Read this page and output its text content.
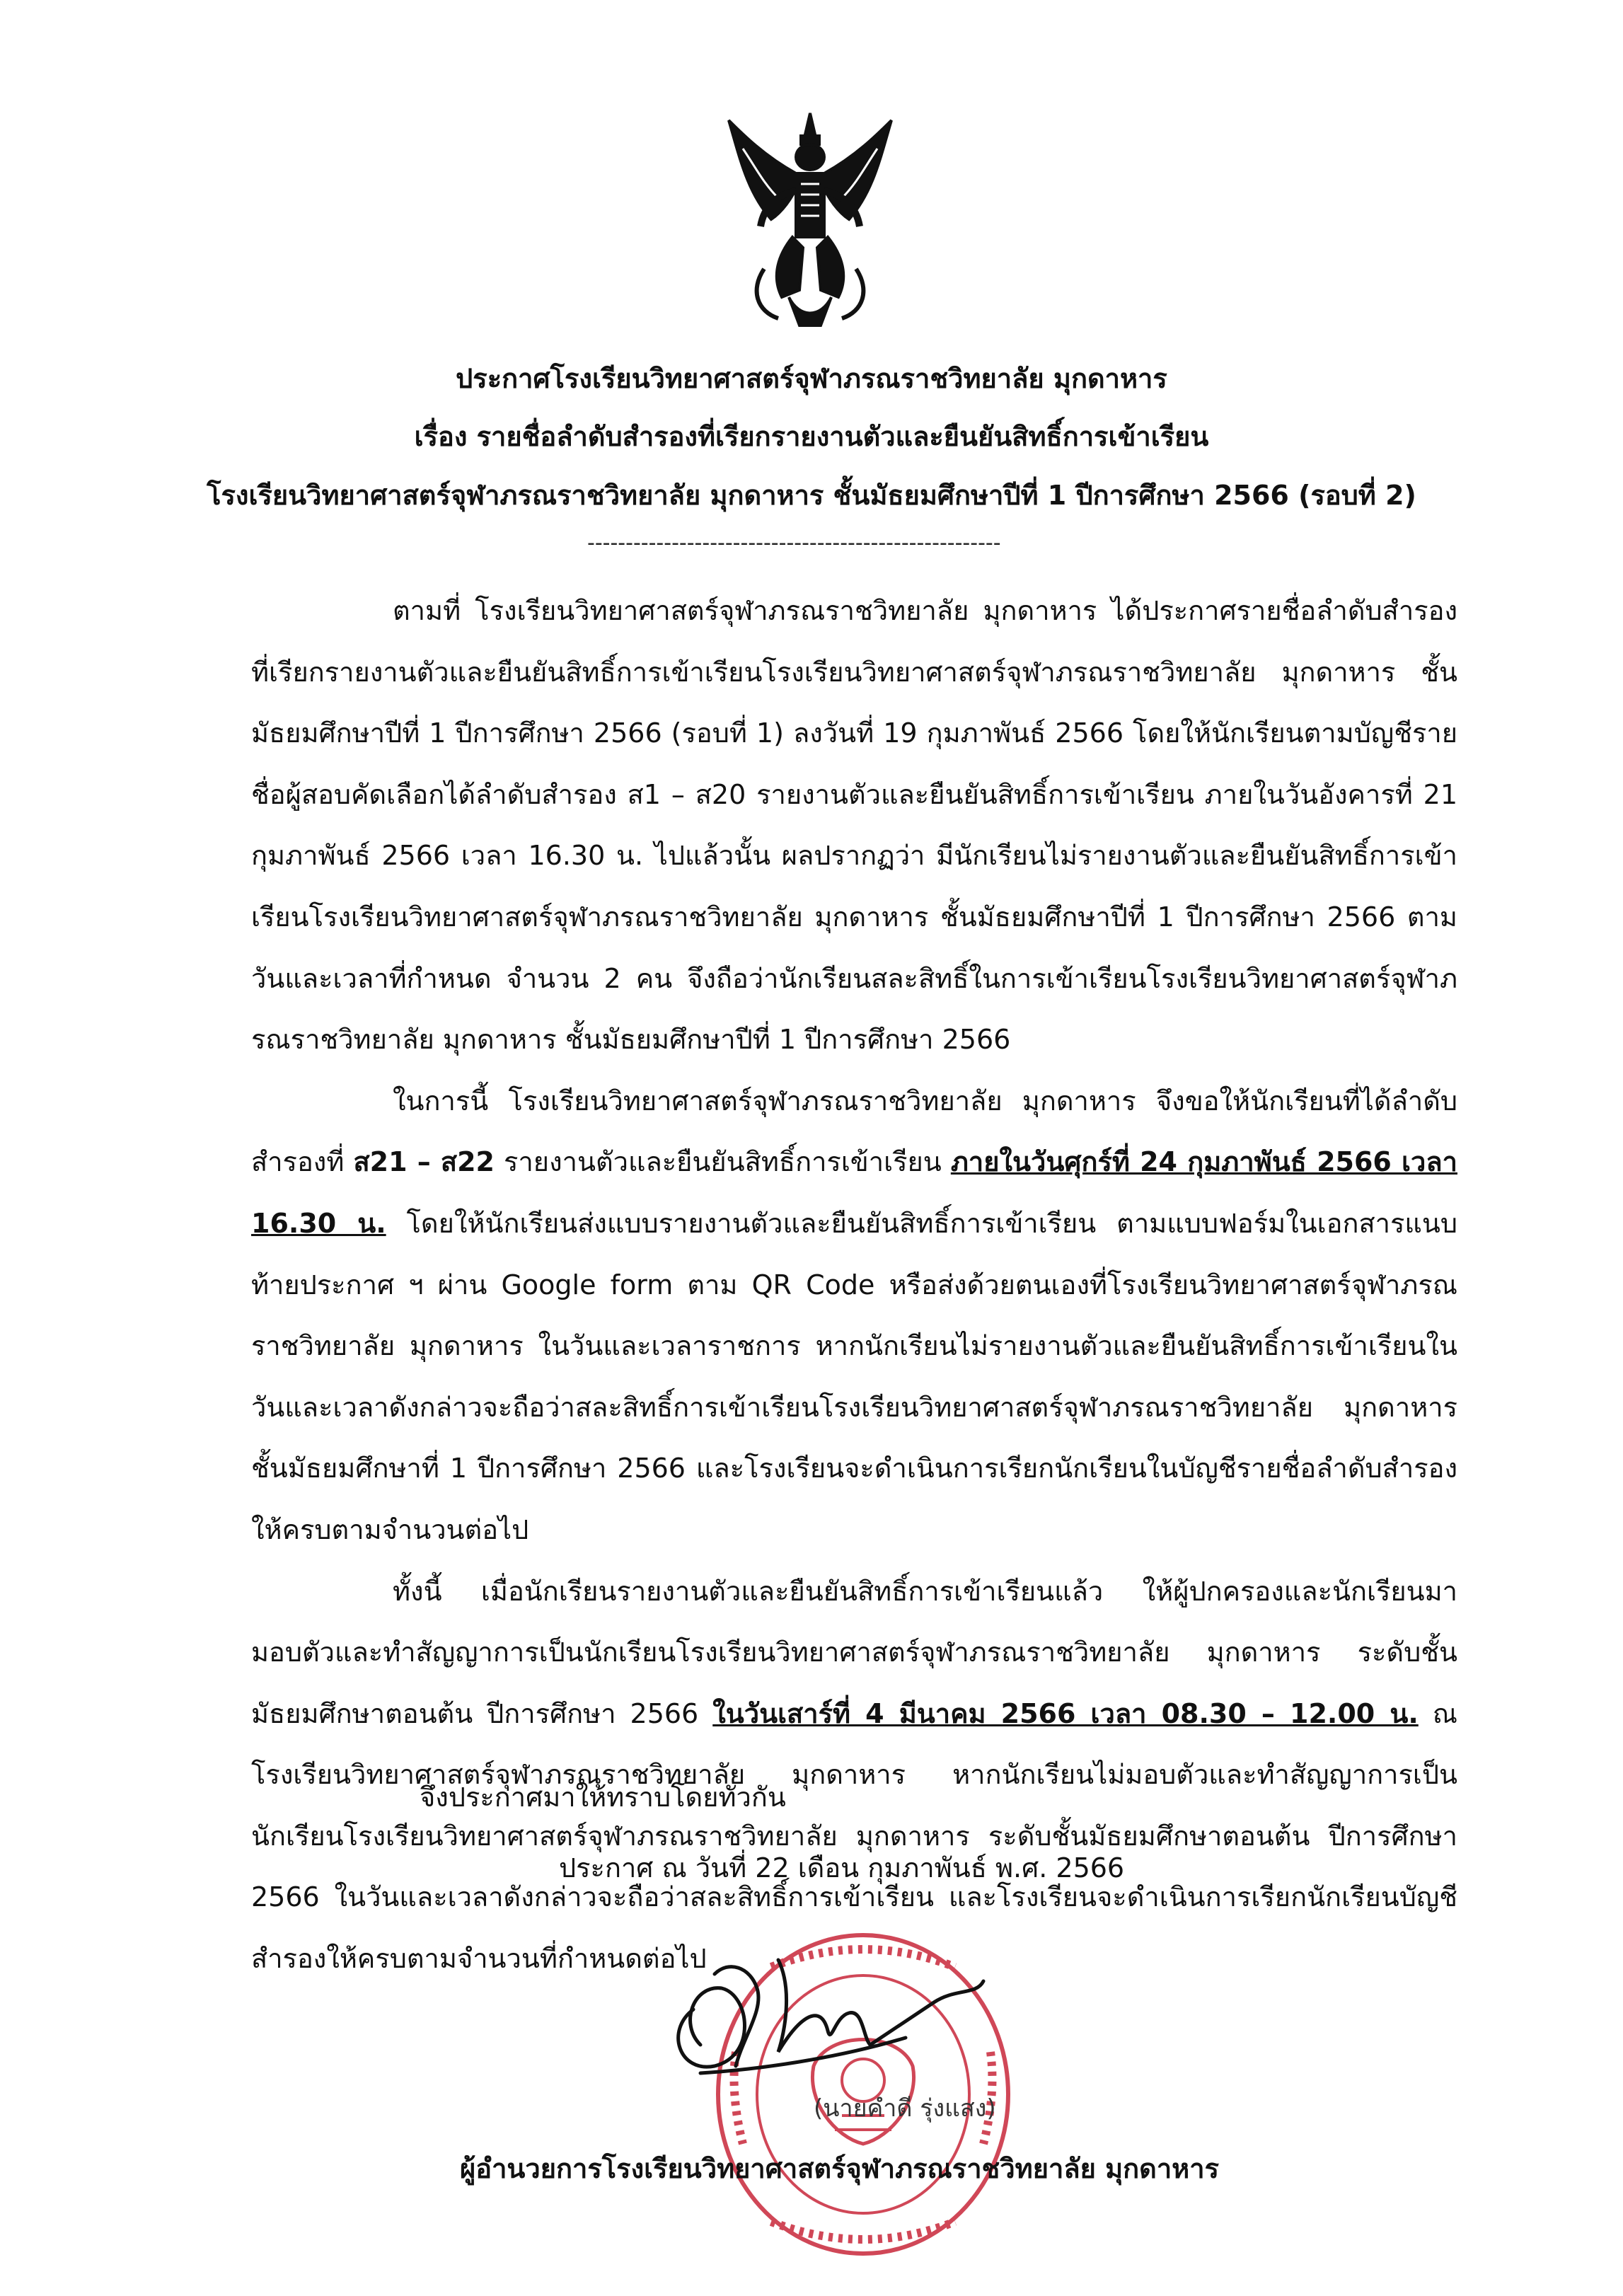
ประกาศโรงเรียนวิทยาศาสตร์จุฬาภรณราชวิทยาลัย มุกดาหาร
เรื่อง รายชื่อลำดับสำรองที่เรียกรายงานตัวและยืนยันสิทธิ์การเข้าเรียน
โรงเรียนวิทยาศาสตร์จุฬาภรณราชวิทยาลัย มุกดาหาร ชั้นมัธยมศึกษาปีที่ 1 ปีการศึกษา 2566 (รอบที่ 2)
------------------------------------------------------

ตามที่ โรงเรียนวิทยาศาสตร์จุฬาภรณราชวิทยาลัย มุกดาหาร ได้ประกาศรายชื่อลำดับสำรองที่เรียกรายงานตัวและยืนยันสิทธิ์การเข้าเรียนโรงเรียนวิทยาศาสตร์จุฬาภรณราชวิทยาลัย มุกดาหาร ชั้นมัธยมศึกษาปีที่ 1 ปีการศึกษา 2566 (รอบที่ 1) ลงวันที่ 19 กุมภาพันธ์ 2566 โดยให้นักเรียนตามบัญชีรายชื่อผู้สอบคัดเลือกได้ลำดับสำรอง ส1 – ส20 รายงานตัวและยืนยันสิทธิ์การเข้าเรียน ภายในวันอังคารที่ 21 กุมภาพันธ์ 2566 เวลา 16.30 น. ไปแล้วนั้น ผลปรากฏว่า มีนักเรียนไม่รายงานตัวและยืนยันสิทธิ์การเข้าเรียนโรงเรียนวิทยาศาสตร์จุฬาภรณราชวิทยาลัย มุกดาหาร ชั้นมัธยมศึกษาปีที่ 1 ปีการศึกษา 2566 ตามวันและเวลาที่กำหนด จำนวน 2 คน จึงถือว่านักเรียนสละสิทธิ์ในการเข้าเรียนโรงเรียนวิทยาศาสตร์จุฬาภรณราชวิทยาลัย มุกดาหาร ชั้นมัธยมศึกษาปีที่ 1 ปีการศึกษา 2566

ในการนี้ โรงเรียนวิทยาศาสตร์จุฬาภรณราชวิทยาลัย มุกดาหาร จึงขอให้นักเรียนที่ได้ลำดับสำรองที่ ส21 – ส22 รายงานตัวและยืนยันสิทธิ์การเข้าเรียน ภายในวันศุกร์ที่ 24 กุมภาพันธ์ 2566 เวลา 16.30 น. โดยให้นักเรียนส่งแบบรายงานตัวและยืนยันสิทธิ์การเข้าเรียน ตามแบบฟอร์มในเอกสารแนบท้ายประกาศ ฯ ผ่าน Google form ตาม QR Code หรือส่งด้วยตนเองที่โรงเรียนวิทยาศาสตร์จุฬาภรณราชวิทยาลัย มุกดาหาร ในวันและเวลาราชการ หากนักเรียนไม่รายงานตัวและยืนยันสิทธิ์การเข้าเรียนในวันและเวลาดังกล่าวจะถือว่าสละสิทธิ์การเข้าเรียนโรงเรียนวิทยาศาสตร์จุฬาภรณราชวิทยาลัย มุกดาหาร ชั้นมัธยมศึกษาที่ 1 ปีการศึกษา 2566 และโรงเรียนจะดำเนินการเรียกนักเรียนในบัญชีรายชื่อลำดับสำรองให้ครบตามจำนวนต่อไป

ทั้งนี้ เมื่อนักเรียนรายงานตัวและยืนยันสิทธิ์การเข้าเรียนแล้ว ให้ผู้ปกครองและนักเรียนมามอบตัวและทำสัญญาการเป็นนักเรียนโรงเรียนวิทยาศาสตร์จุฬาภรณราชวิทยาลัย มุกดาหาร ระดับชั้นมัธยมศึกษาตอนต้น ปีการศึกษา 2566 ในวันเสาร์ที่ 4 มีนาคม 2566 เวลา 08.30 – 12.00 น. ณ โรงเรียนวิทยาศาสตร์จุฬาภรณราชวิทยาลัย มุกดาหาร หากนักเรียนไม่มอบตัวและทำสัญญาการเป็นนักเรียนโรงเรียนวิทยาศาสตร์จุฬาภรณราชวิทยาลัย มุกดาหาร ระดับชั้นมัธยมศึกษาตอนต้น ปีการศึกษา 2566 ในวันและเวลาดังกล่าวจะถือว่าสละสิทธิ์การเข้าเรียน และโรงเรียนจะดำเนินการเรียกนักเรียนบัญชีสำรองให้ครบตามจำนวนที่กำหนดต่อไป

จึงประกาศมาให้ทราบโดยทั่วกัน
ประกาศ ณ วันที่ 22 เดือน กุมภาพันธ์ พ.ศ. 2566
(นายคำดี รุ่งแสง)
ผู้อำนวยการโรงเรียนวิทยาศาสตร์จุฬาภรณราชวิทยาลัย มุกดาหาร
